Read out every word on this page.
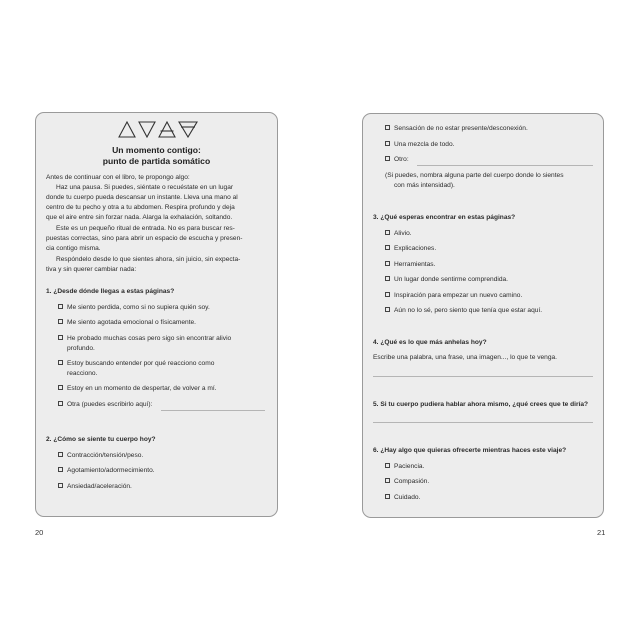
Un momento contigo:
punto de partida somático
Antes de continuar con el libro, te propongo algo:
Haz una pausa. Si puedes, siéntate o recuéstate en un lugar
donde tu cuerpo pueda descansar un instante. Lleva una mano al
centro de tu pecho y otra a tu abdomen. Respira profundo y deja
que el aire entre sin forzar nada. Alarga la exhalación, soltando.
Este es un pequeño ritual de entrada. No es para buscar res-
puestas correctas, sino para abrir un espacio de escucha y presen-
cia contigo misma.
Respóndelo desde lo que sientes ahora, sin juicio, sin expecta-
tiva y sin querer cambiar nada:
1. ¿Desde dónde llegas a estas páginas?
Me siento perdida, como si no supiera quién soy.
Me siento agotada emocional o físicamente.
He probado muchas cosas pero sigo sin encontrar alivio
profundo.
Estoy buscando entender por qué reacciono como
reacciono.
Estoy en un momento de despertar, de volver a mí.
Otra (puedes escribirlo aquí):
2. ¿Cómo se siente tu cuerpo hoy?
Contracción/tensión/peso.
Agotamiento/adormecimiento.
Ansiedad/aceleración.
Sensación de no estar presente/desconexión.
Una mezcla de todo.
Otro:
(Si puedes, nombra alguna parte del cuerpo donde lo sientes
con más intensidad).
3. ¿Qué esperas encontrar en estas páginas?
Alivio.
Explicaciones.
Herramientas.
Un lugar donde sentirme comprendida.
Inspiración para empezar un nuevo camino.
Aún no lo sé, pero siento que tenía que estar aquí.
4. ¿Qué es lo que más anhelas hoy?
Escribe una palabra, una frase, una imagen..., lo que te venga.
5. Si tu cuerpo pudiera hablar ahora mismo, ¿qué crees que te diría?
6. ¿Hay algo que quieras ofrecerte mientras haces este viaje?
Paciencia.
Compasión.
Cuidado.
20	21
